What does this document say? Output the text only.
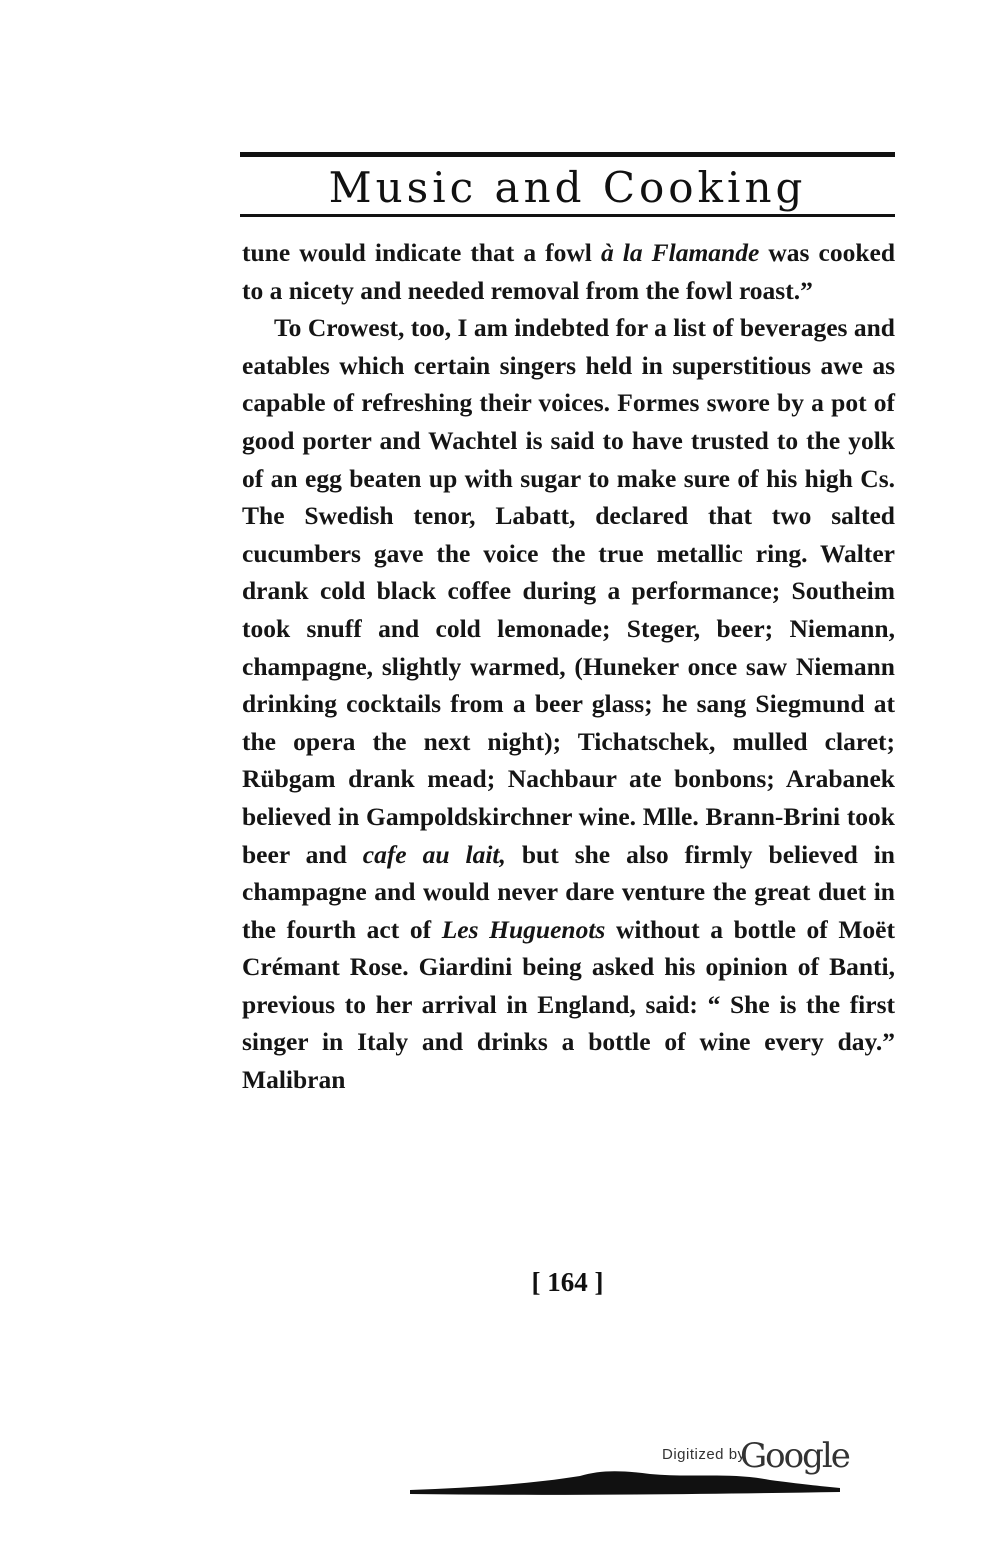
Music and Cooking

tune would indicate that a fowl à la Flamande was cooked to a nicety and needed removal from the fowl roast.”

To Crowest, too, I am indebted for a list of beverages and eatables which certain singers held in superstitious awe as capable of refreshing their voices. Formes swore by a pot of good porter and Wachtel is said to have trusted to the yolk of an egg beaten up with sugar to make sure of his high Cs. The Swedish tenor, Labatt, declared that two salted cucumbers gave the voice the true metallic ring. Walter drank cold black coffee during a performance; Southeim took snuff and cold lemonade; Steger, beer; Niemann, champagne, slightly warmed, (Huneker once saw Niemann drinking cocktails from a beer glass; he sang Siegmund at the opera the next night); Tichatschek, mulled claret; Rübgam drank mead; Nachbaur ate bonbons; Arabanek believed in Gampoldskirchner wine. Mlle. Brann-Brini took beer and cafe au lait, but she also firmly believed in champagne and would never dare venture the great duet in the fourth act of Les Huguenots without a bottle of Moët Crémant Rose. Giardini being asked his opinion of Banti, previous to her arrival in England, said: “ She is the first singer in Italy and drinks a bottle of wine every day.” Malibran

[ 164 ]
Digitized by
Google
